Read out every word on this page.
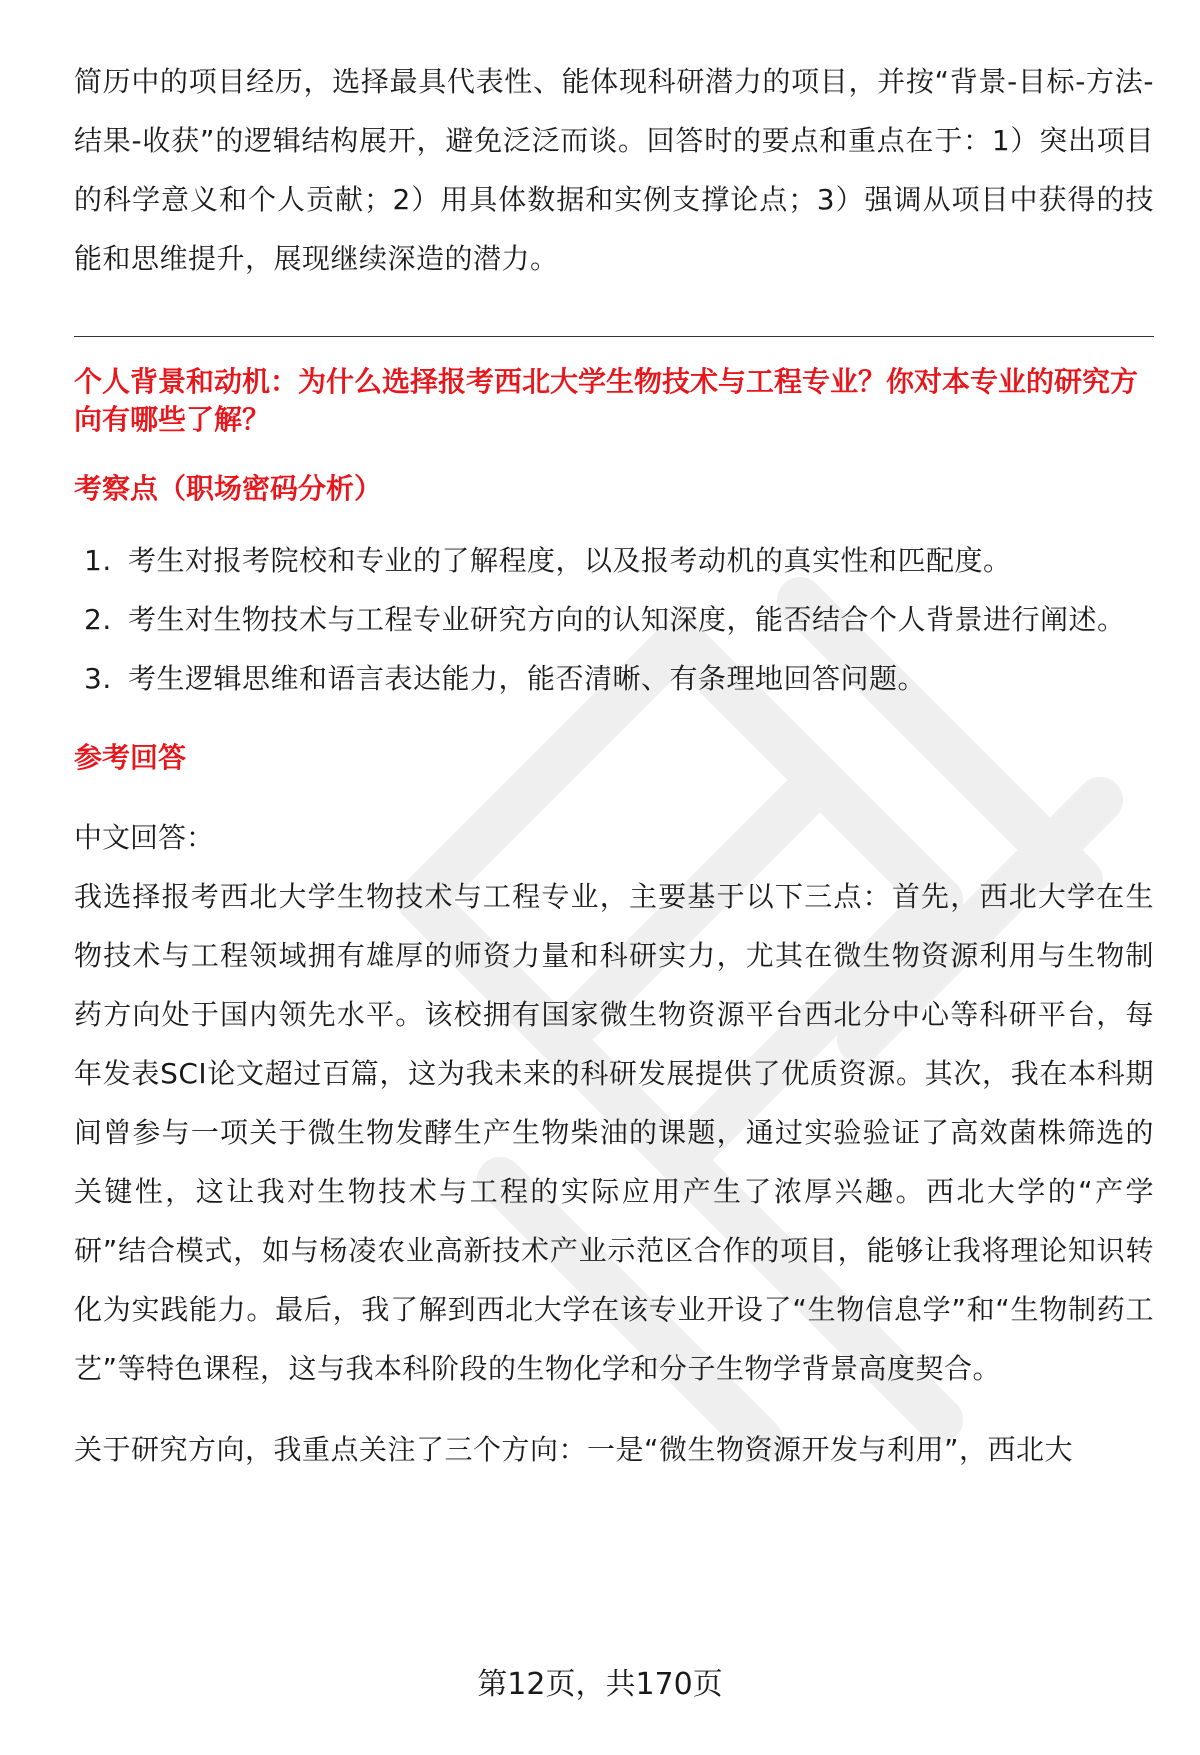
简历中的项目经历，选择最具代表性、能体现科研潜力的项目，并按“背景-目标-方法-结果-收获”的逻辑结构展开，避免泛泛而谈。回答时的要点和重点在于：1）突出项目的科学意义和个人贡献；2）用具体数据和实例支撑论点；3）强调从项目中获得的技能和思维提升，展现继续深造的潜力。

个人背景和动机：为什么选择报考西北大学生物技术与工程专业？你对本专业的研究方向有哪些了解？

考察点（职场密码分析）
1. 考生对报考院校和专业的了解程度，以及报考动机的真实性和匹配度。
2. 考生对生物技术与工程专业研究方向的认知深度，能否结合个人背景进行阐述。
3. 考生逻辑思维和语言表达能力，能否清晰、有条理地回答问题。
参考回答
中文回答：

我选择报考西北大学生物技术与工程专业，主要基于以下三点：首先，西北大学在生物技术与工程领域拥有雄厚的师资力量和科研实力，尤其在微生物资源利用与生物制药方向处于国内领先水平。该校拥有国家微生物资源平台西北分中心等科研平台，每年发表SCI论文超过百篇，这为我未来的科研发展提供了优质资源。其次，我在本科期间曾参与一项关于微生物发酵生产生物柴油的课题，通过实验验证了高效菌株筛选的关键性，这让我对生物技术与工程的实际应用产生了浓厚兴趣。西北大学的“产学研”结合模式，如与杨凌农业高新技术产业示范区合作的项目，能够让我将理论知识转化为实践能力。最后，我了解到西北大学在该专业开设了“生物信息学”和“生物制药工艺”等特色课程，这与我本科阶段的生物化学和分子生物学背景高度契合。

关于研究方向，我重点关注了三个方向：一是“微生物资源开发与利用”，西北大

第12页，共170页
